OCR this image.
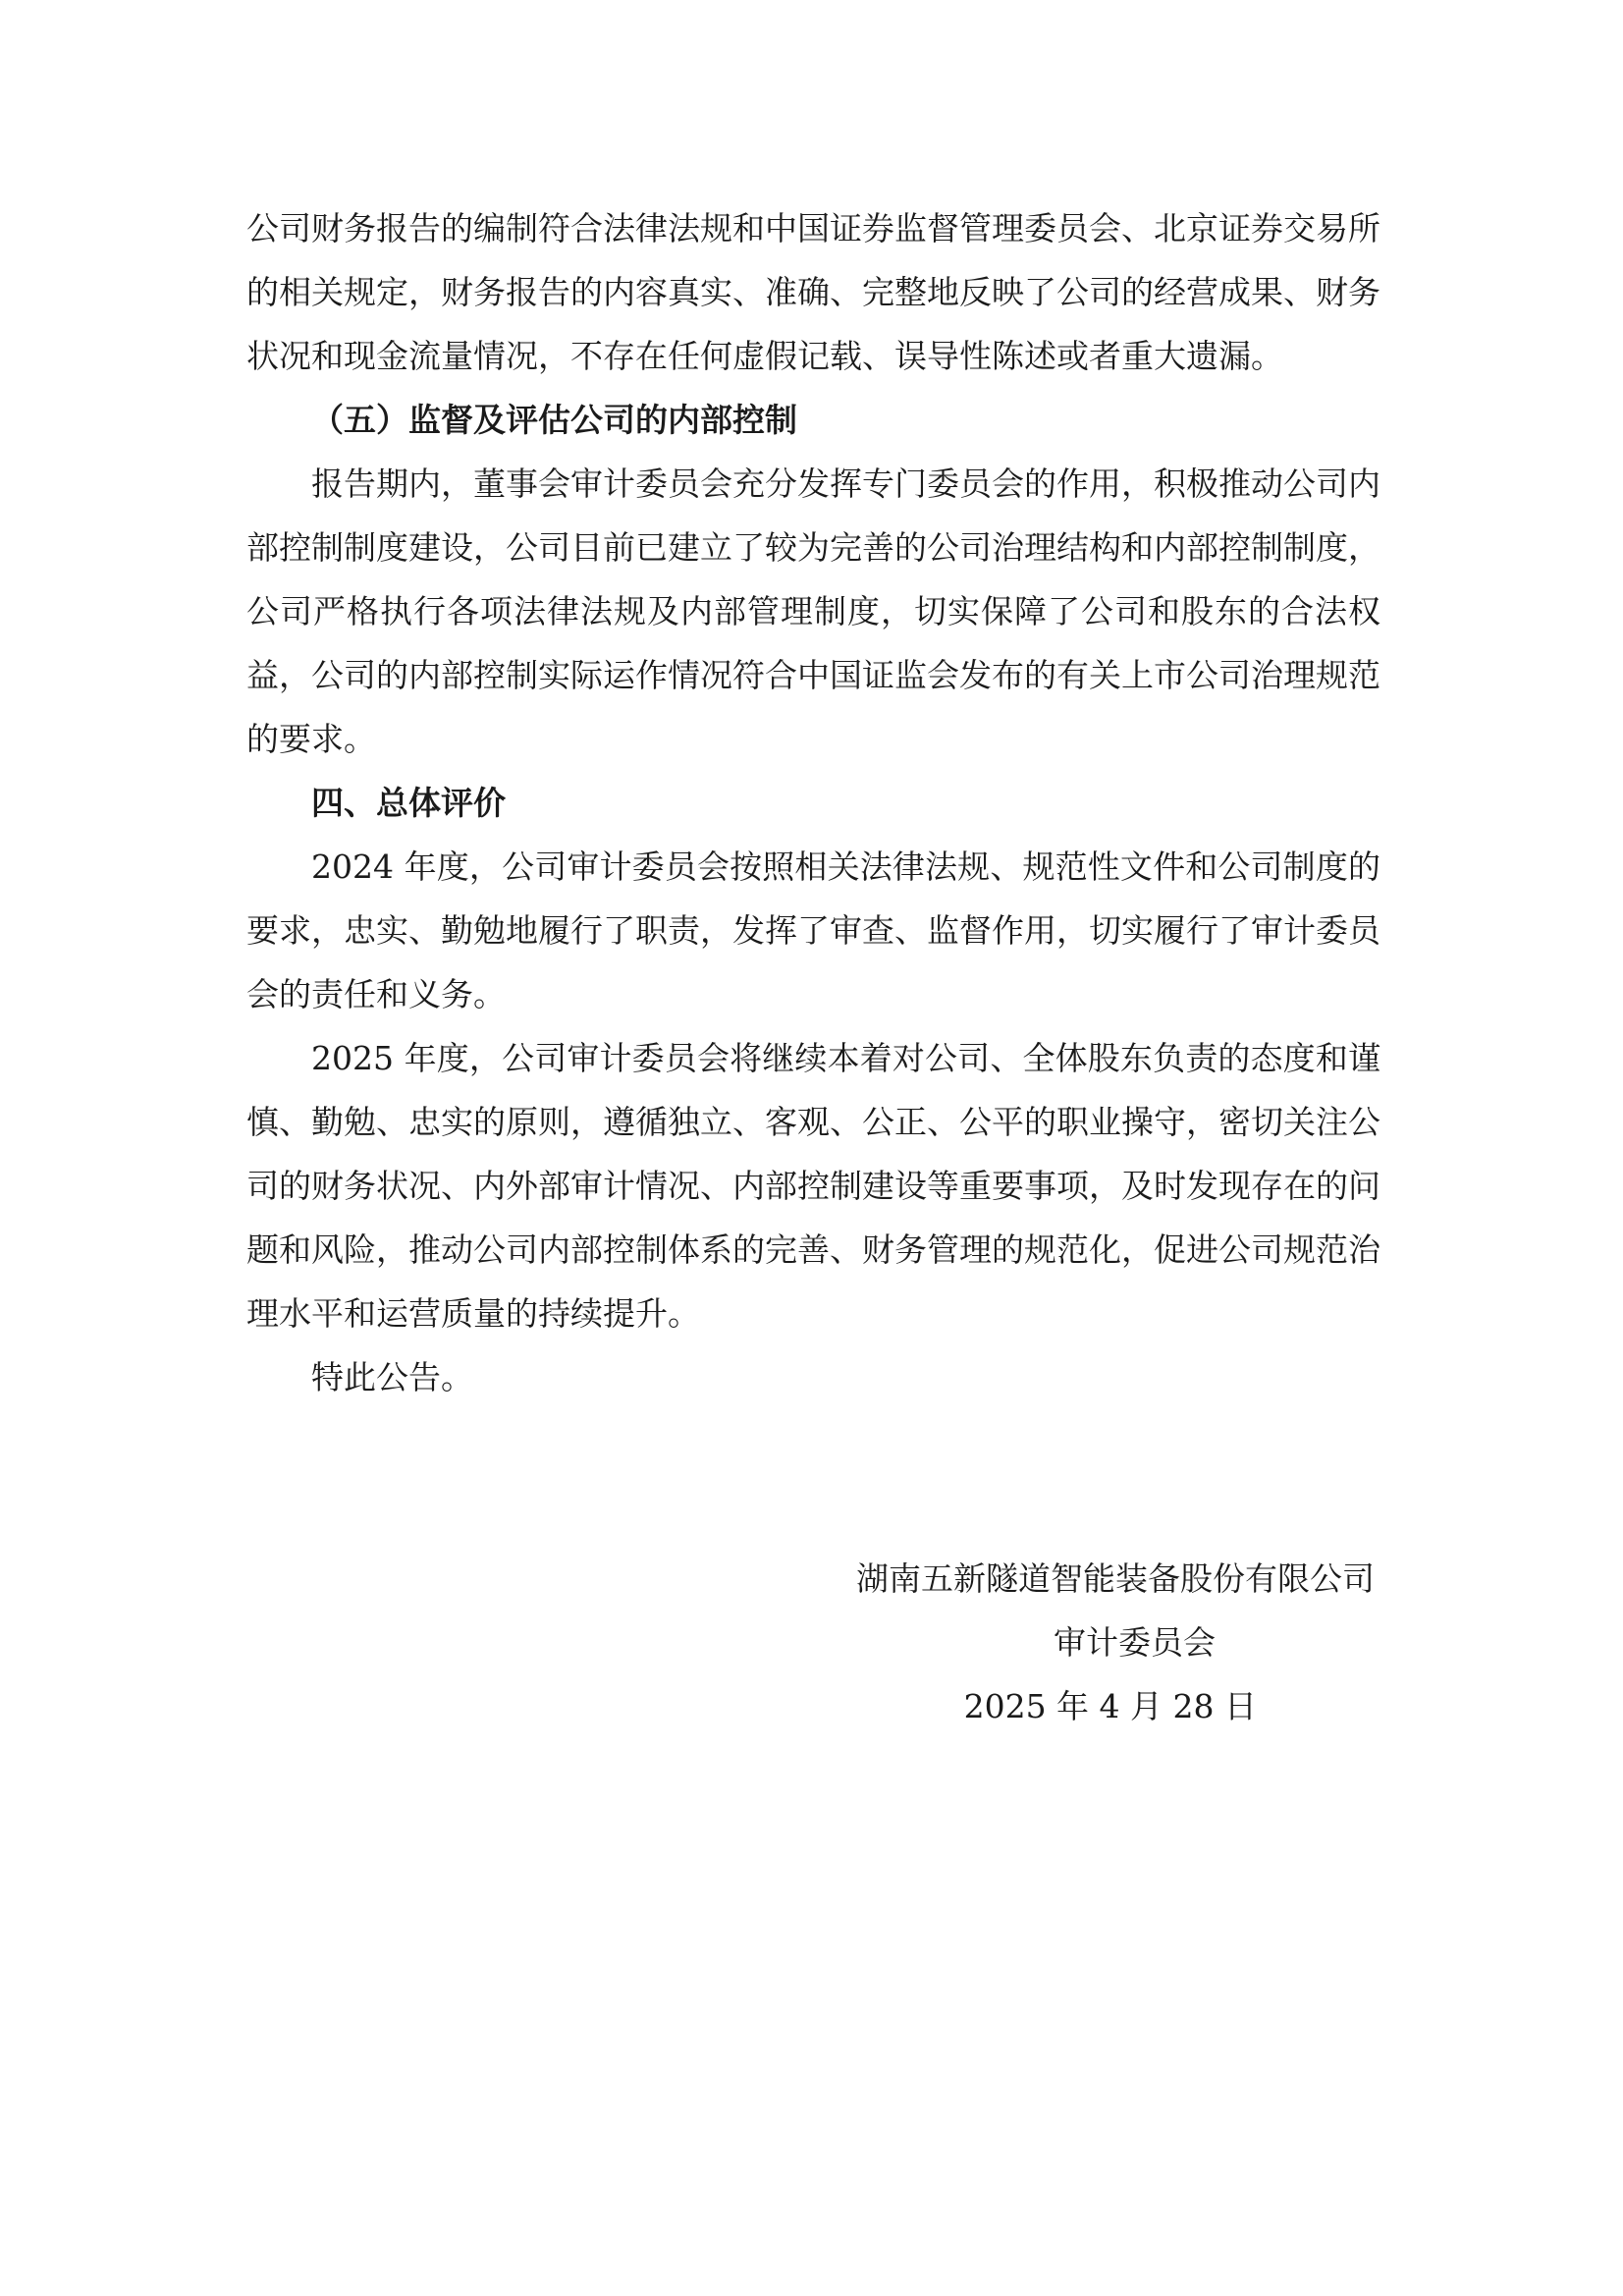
公司财务报告的编制符合法律法规和中国证券监督管理委员会、北京证券交易所的相关规定，财务报告的内容真实、准确、完整地反映了公司的经营成果、财务状况和现金流量情况，不存在任何虚假记载、误导性陈述或者重大遗漏。

（五）监督及评估公司的内部控制

报告期内，董事会审计委员会充分发挥专门委员会的作用，积极推动公司内部控制制度建设，公司目前已建立了较为完善的公司治理结构和内部控制制度，公司严格执行各项法律法规及内部管理制度，切实保障了公司和股东的合法权益，公司的内部控制实际运作情况符合中国证监会发布的有关上市公司治理规范的要求。

四、总体评价

2024 年度，公司审计委员会按照相关法律法规、规范性文件和公司制度的要求，忠实、勤勉地履行了职责，发挥了审查、监督作用，切实履行了审计委员会的责任和义务。

2025 年度，公司审计委员会将继续本着对公司、全体股东负责的态度和谨慎、勤勉、忠实的原则，遵循独立、客观、公正、公平的职业操守，密切关注公司的财务状况、内外部审计情况、内部控制建设等重要事项，及时发现存在的问题和风险，推动公司内部控制体系的完善、财务管理的规范化，促进公司规范治理水平和运营质量的持续提升。

特此公告。

湖南五新隧道智能装备股份有限公司
审计委员会
2025 年 4 月 28 日
